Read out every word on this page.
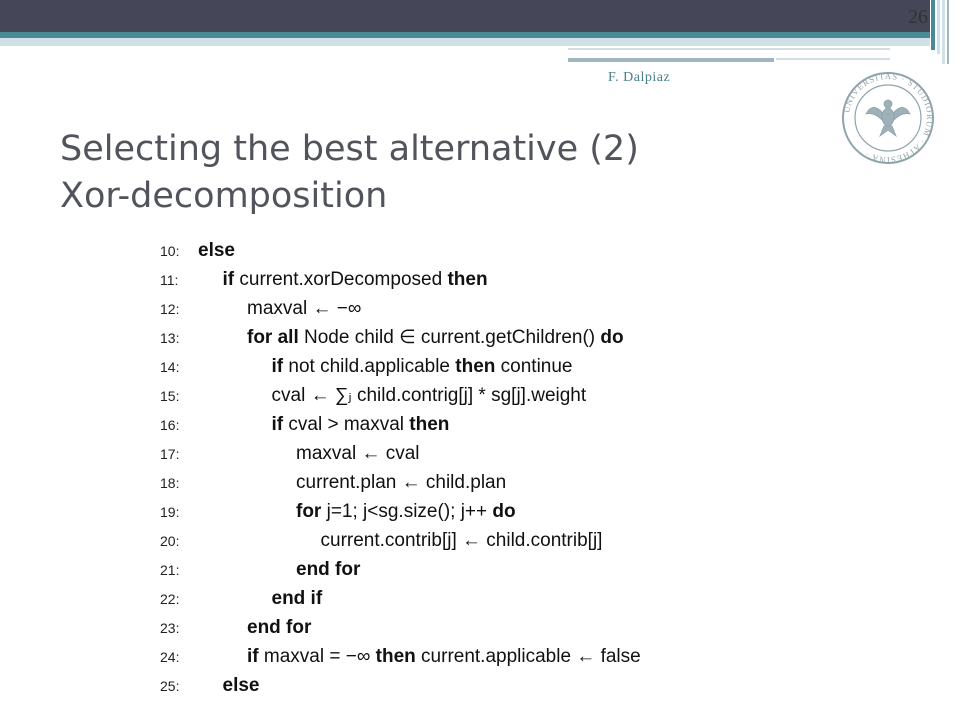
26
F. Dalpiaz
UNIVERSITAS · STUDIORUM · ATHESINA ·
Selecting the best alternative (2)
Xor-decomposition
10: else
11:	if current.xorDecomposed then
12:	maxval ← −∞
13:	for all Node child ∈ current.getChildren() do
14:	if not child.applicable then continue
15:	cval ← ∑ⱼ child.contrig[j] * sg[j].weight
16:	if cval > maxval then
17:	maxval ← cval
18:	current.plan ← child.plan
19:	for j=1; j<sg.size(); j++ do
20:	current.contrib[j] ← child.contrib[j]
21:	end for
22:	end if
23:	end for
24:	if maxval = −∞ then current.applicable ← false
25:	else
